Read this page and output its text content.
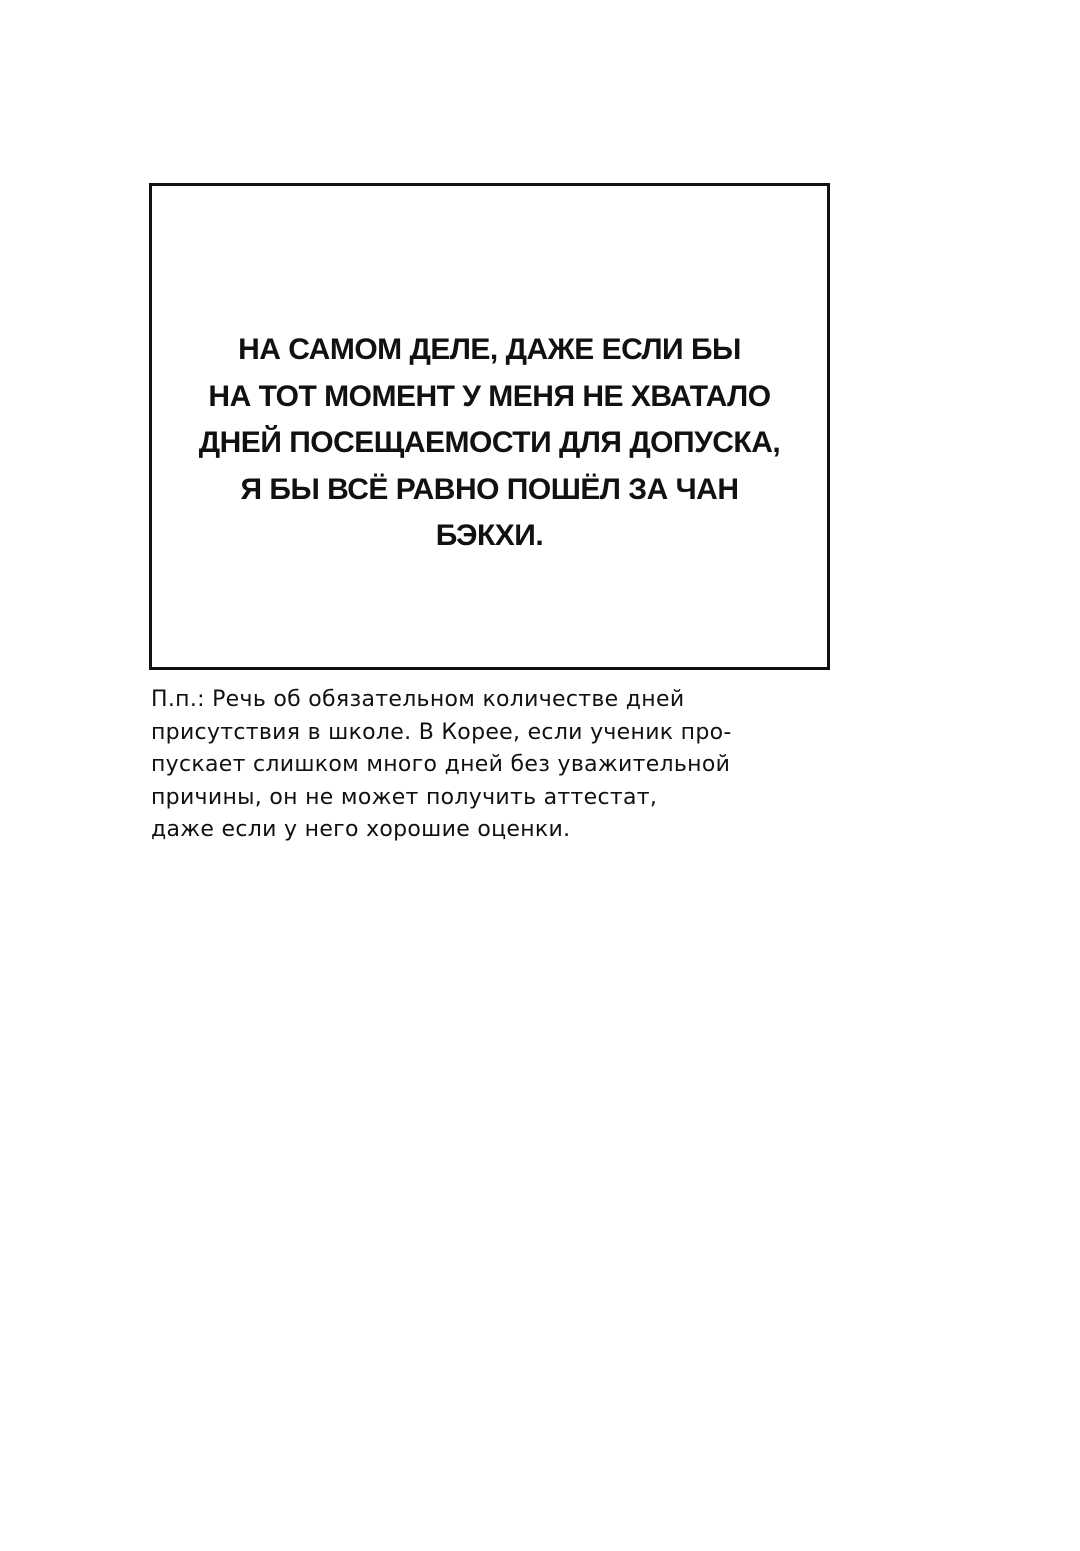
НА САМОМ ДЕЛЕ, ДАЖЕ ЕСЛИ БЫ
НА ТОТ МОМЕНТ У МЕНЯ НЕ ХВАТАЛО
ДНЕЙ ПОСЕЩАЕМОСТИ ДЛЯ ДОПУСКА,
Я БЫ ВСЁ РАВНО ПОШЁЛ ЗА ЧАН
БЭКХИ.

П.п.: Речь об обязательном количестве дней
присутствия в школе. В Корее, если ученик про-
пускает слишком много дней без уважительной
причины, он не может получить аттестат,
даже если у него хорошие оценки.
